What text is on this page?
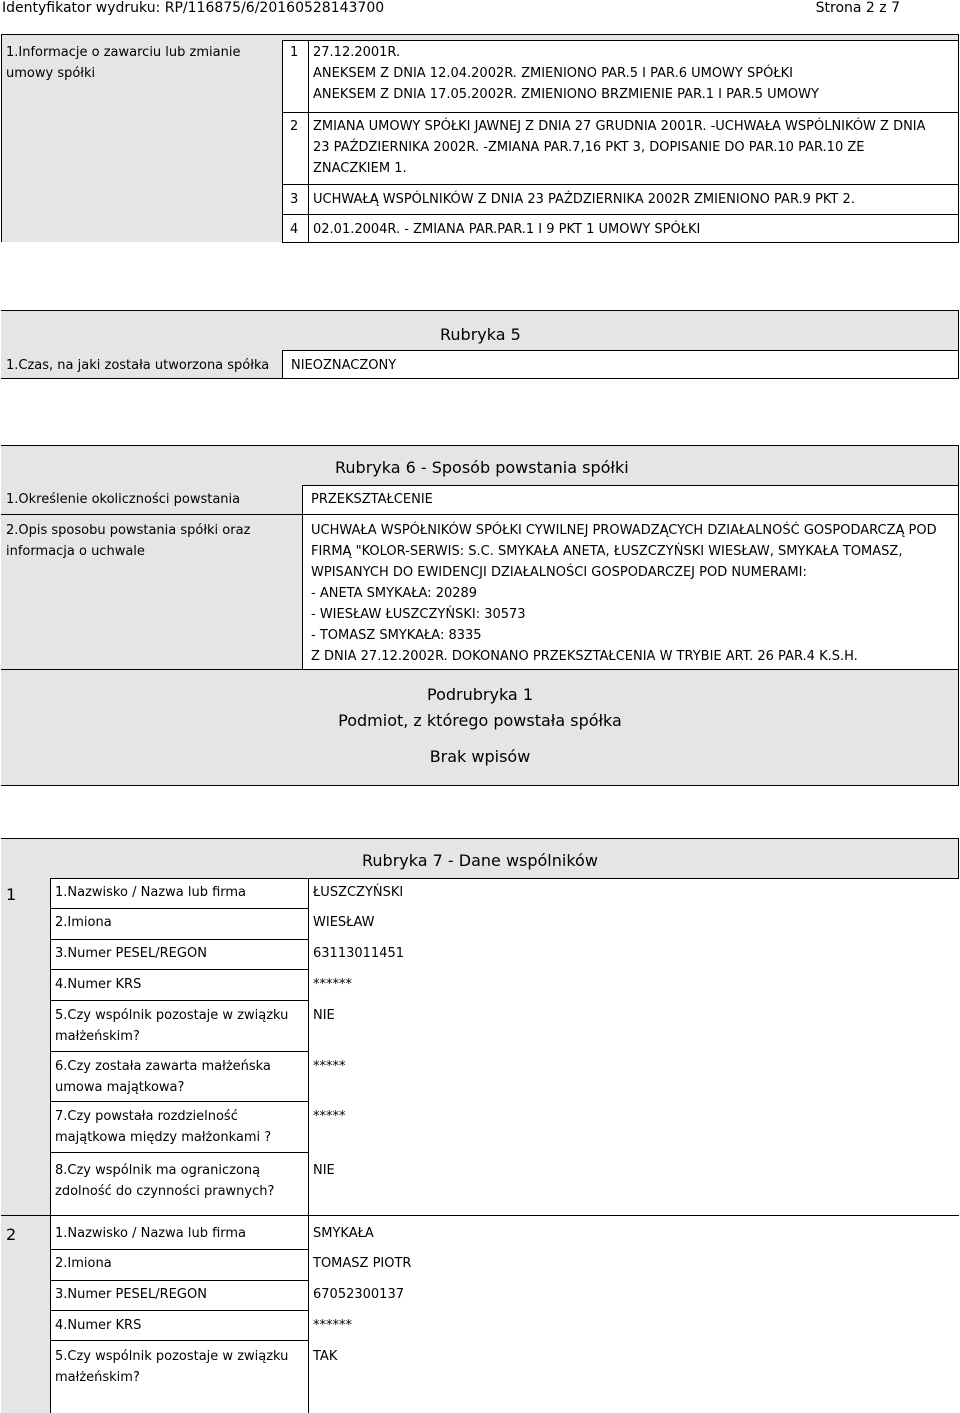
Identyfikator wydruku: RP/116875/6/20160528143700	Strona 2 z 7
1.Informacje o zawarciu lub zmianie umowy spółki
1 27.12.2001R.
ANEKSEM Z DNIA 12.04.2002R. ZMIENIONO PAR.5 I PAR.6 UMOWY SPÓŁKI
ANEKSEM Z DNIA 17.05.2002R. ZMIENIONO BRZMIENIE PAR.1 I PAR.5 UMOWY
2 ZMIANA UMOWY SPÓŁKI JAWNEJ Z DNIA 27 GRUDNIA 2001R. -UCHWAŁA WSPÓLNIKÓW Z DNIA 23 PAŹDZIERNIKA 2002R. -ZMIANA PAR.7,16 PKT 3, DOPISANIE DO PAR.10 PAR.10 ZE ZNACZKIEM 1.
3 UCHWAŁĄ WSPÓLNIKÓW Z DNIA 23 PAŹDZIERNIKA 2002R ZMIENIONO PAR.9 PKT 2.
4 02.01.2004R. - ZMIANA PAR.PAR.1 I 9 PKT 1 UMOWY SPÓŁKI
Rubryka 5
1.Czas, na jaki została utworzona spółka NIEOZNACZONY
Rubryka 6 - Sposób powstania spółki
1.Określenie okoliczności powstania	PRZEKSZTAŁCENIE
2.Opis sposobu powstania spółki oraz informacja o uchwale
UCHWAŁA WSPÓŁNIKÓW SPÓŁKI CYWILNEJ PROWADZĄCYCH DZIAŁALNOŚĆ GOSPODARCZĄ POD FIRMĄ "KOLOR-SERWIS: S.C. SMYKAŁA ANETA, ŁUSZCZYŃSKI WIESŁAW, SMYKAŁA TOMASZ, WPISANYCH DO EWIDENCJI DZIAŁALNOŚCI GOSPODARCZEJ POD NUMERAMI:
- ANETA SMYKAŁA: 20289
- WIESŁAW ŁUSZCZYŃSKI: 30573
- TOMASZ SMYKAŁA: 8335
Z DNIA 27.12.2002R. DOKONANO PRZEKSZTAŁCENIA W TRYBIE ART. 26 PAR.4 K.S.H.
Podrubryka 1
Podmiot, z którego powstała spółka
Brak wpisów
Rubryka 7 - Dane wspólników
1	1.Nazwisko / Nazwa lub firma	ŁUSZCZYŃSKI
2.Imiona	WIESŁAW
3.Numer PESEL/REGON	63113011451
4.Numer KRS	******
5.Czy wspólnik pozostaje w związku małżeńskim?
NIE
6.Czy została zawarta małżeńska umowa majątkowa?
*****
7.Czy powstała rozdzielność majątkowa między małżonkami ?
*****
8.Czy wspólnik ma ograniczoną zdolność do czynności prawnych?
NIE
2	1.Nazwisko / Nazwa lub firma	SMYKAŁA
2.Imiona	TOMASZ PIOTR
3.Numer PESEL/REGON	67052300137
4.Numer KRS	******
5.Czy wspólnik pozostaje w związku małżeńskim?
TAK
